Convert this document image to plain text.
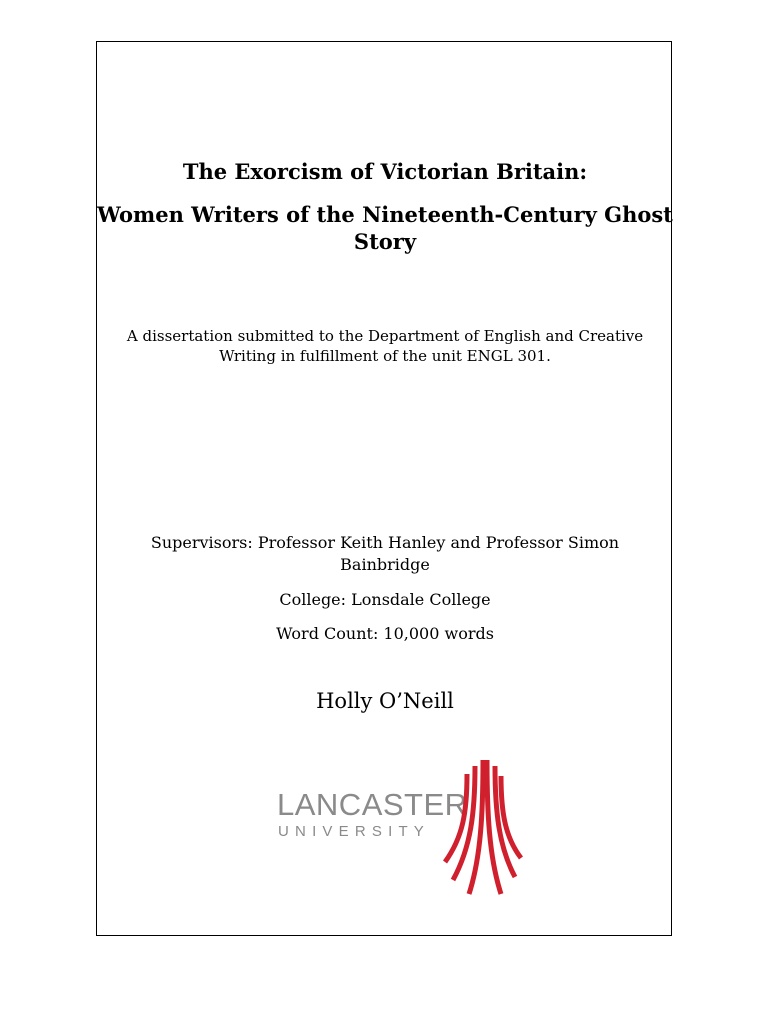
The Exorcism of Victorian Britain:
Women Writers of the Nineteenth-Century Ghost Story

A dissertation submitted to the Department of English and Creative Writing in fulfillment of the unit ENGL 301.

Supervisors: Professor Keith Hanley and Professor Simon Bainbridge

College: Lonsdale College

Word Count: 10,000 words

Holly O’Neill

LANCASTER
UNIVERSITY
